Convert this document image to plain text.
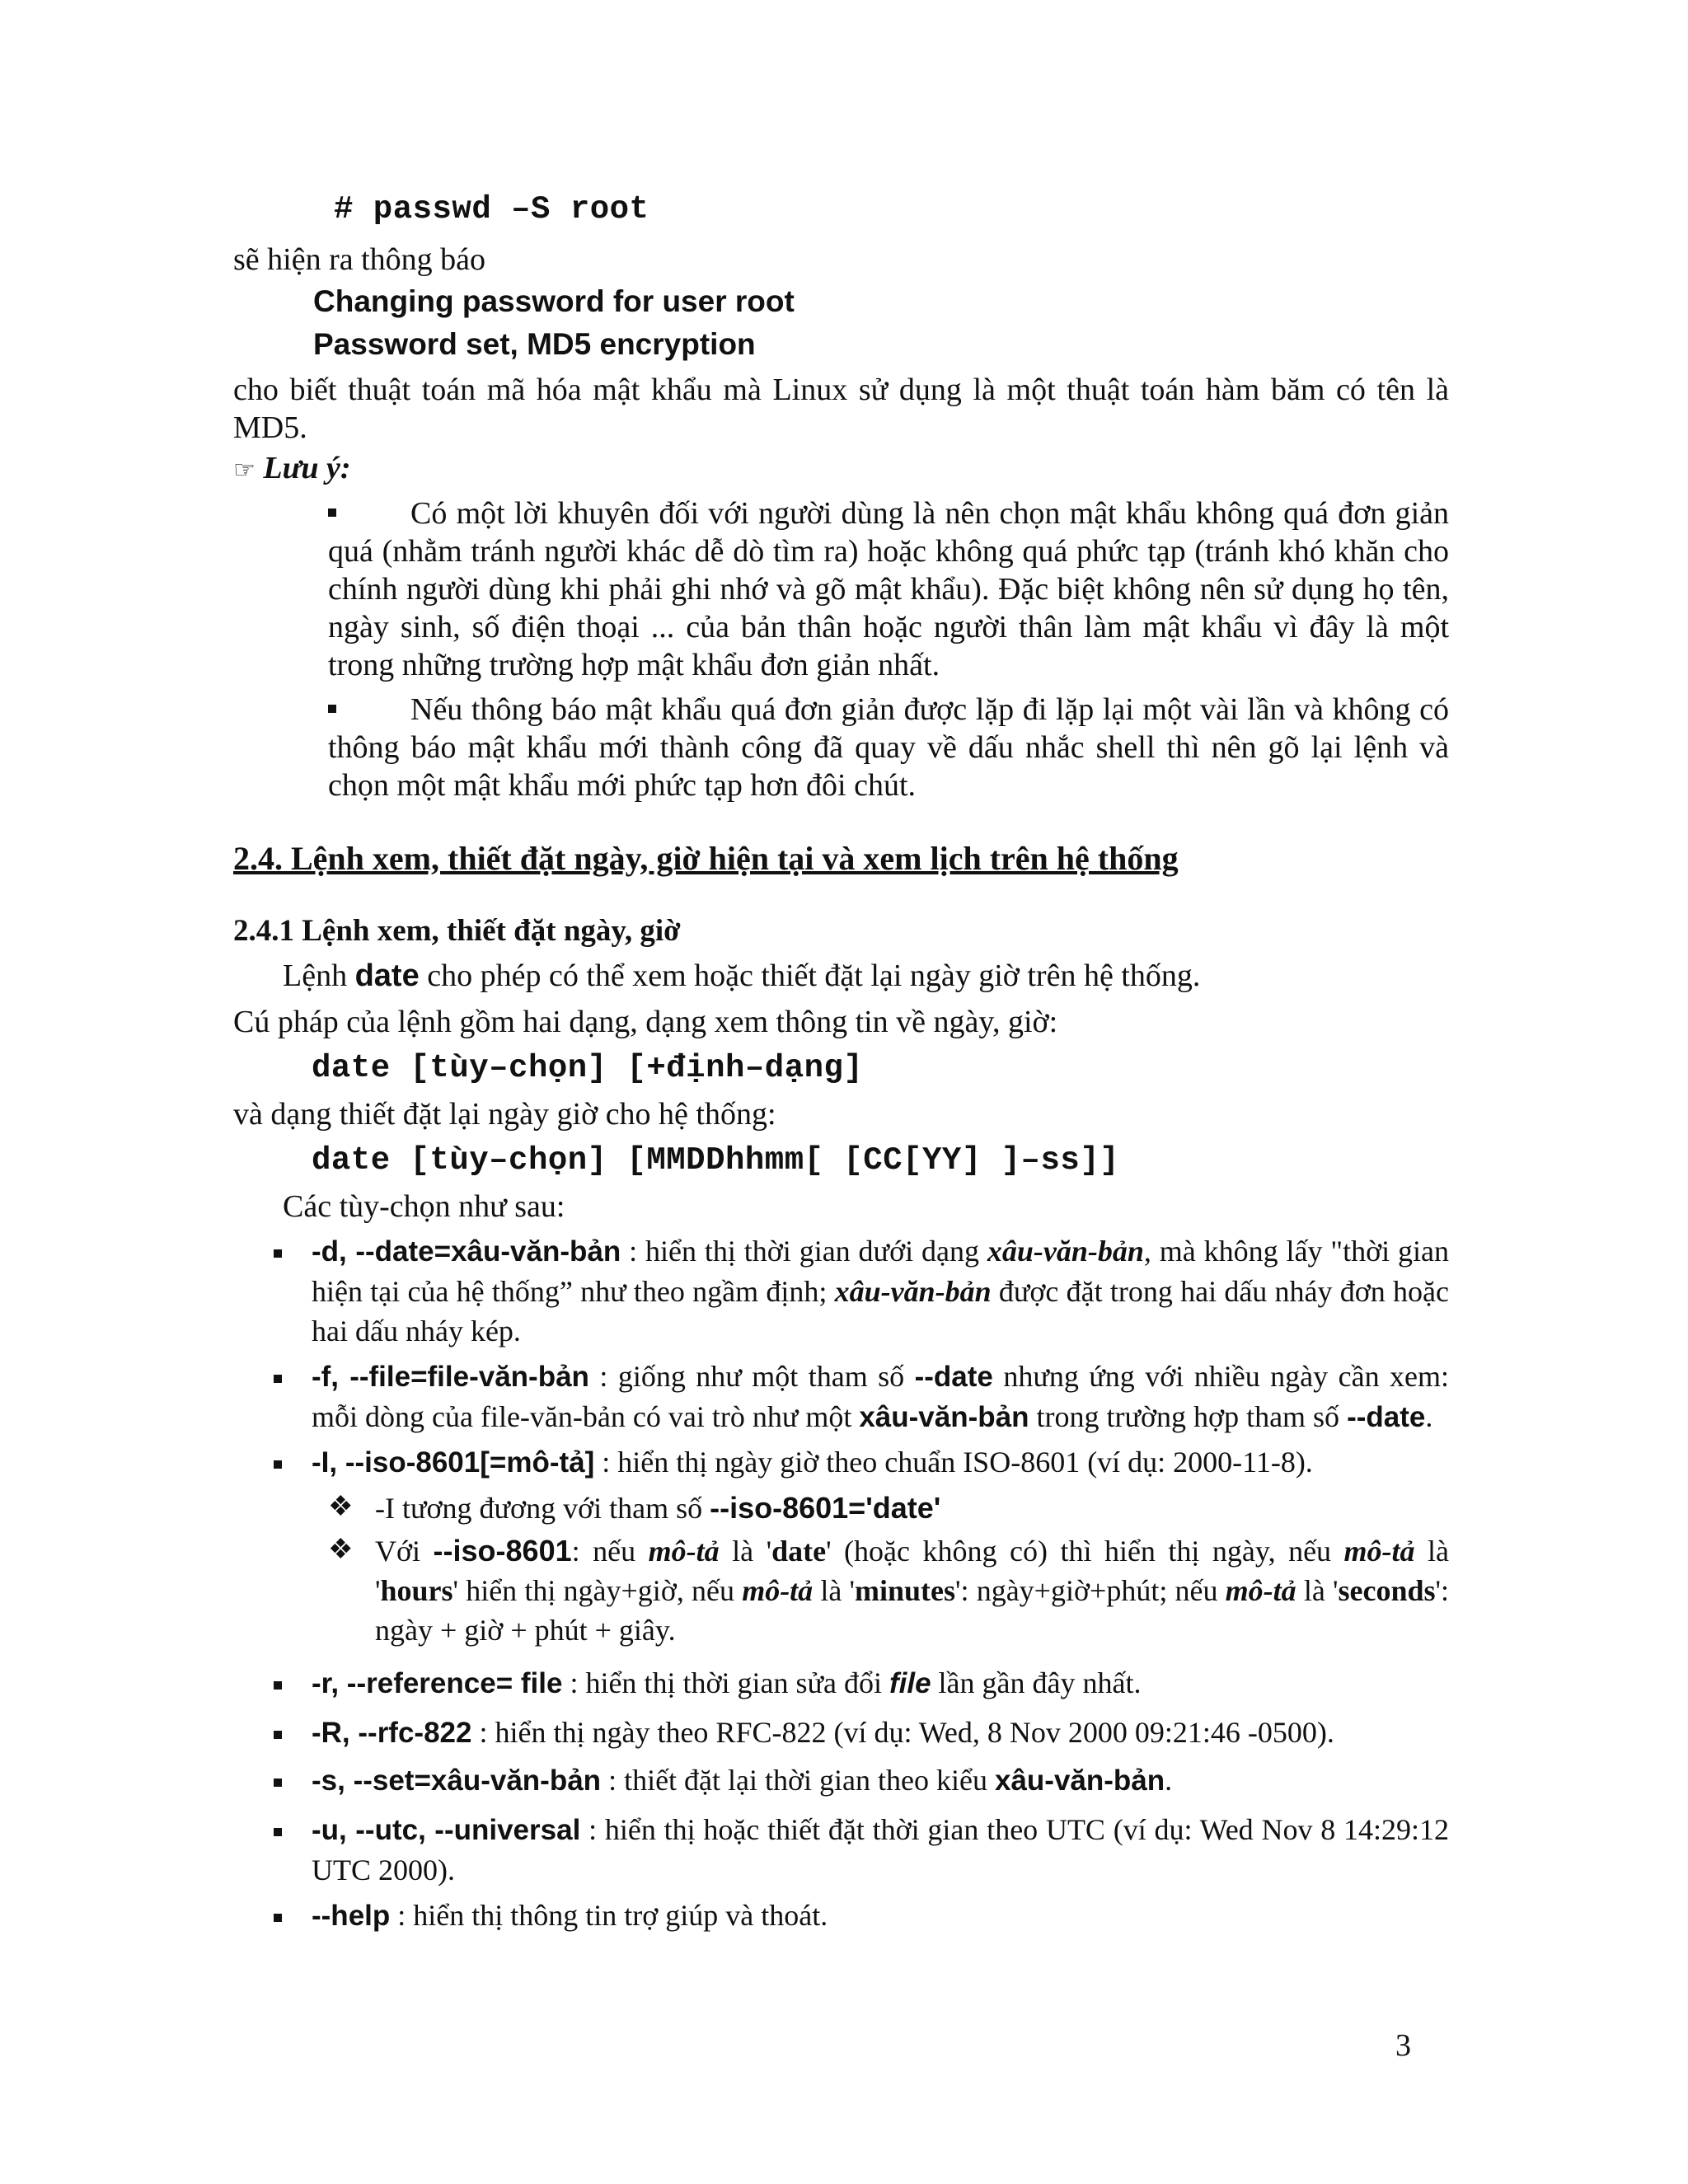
# passwd –S root
sẽ hiện ra thông báo
Changing password for user root
Password set, MD5 encryption
cho biết thuật toán mã hóa mật khẩu mà Linux sử dụng là một thuật toán hàm băm có tên là MD5.
☞ Lưu ý:
Có một lời khuyên đối với người dùng là nên chọn mật khẩu không quá đơn giản quá (nhằm tránh người khác dễ dò tìm ra) hoặc không quá phức tạp (tránh khó khăn cho chính người dùng khi phải ghi nhớ và gõ mật khẩu). Đặc biệt không nên sử dụng họ tên, ngày sinh, số điện thoại ... của bản thân hoặc người thân làm mật khẩu vì đây là một trong những trường hợp mật khẩu đơn giản nhất.
Nếu thông báo mật khẩu quá đơn giản được lặp đi lặp lại một vài lần và không có thông báo mật khẩu mới thành công đã quay về dấu nhắc shell thì nên gõ lại lệnh và chọn một mật khẩu mới phức tạp hơn đôi chút.
2.4. Lệnh xem, thiết đặt ngày, giờ hiện tại và xem lịch trên hệ thống
2.4.1 Lệnh xem, thiết đặt ngày, giờ
Lệnh date cho phép có thể xem hoặc thiết đặt lại ngày giờ trên hệ thống.
Cú pháp của lệnh gồm hai dạng, dạng xem thông tin về ngày, giờ:
date [tùy–chọn] [+định–dạng]
và dạng thiết đặt lại ngày giờ cho hệ thống:
date [tùy–chọn] [MMDDhhmm[ [CC[YY] ]–ss]]
Các tùy-chọn như sau:
-d, --date=xâu-văn-bản : hiển thị thời gian dưới dạng xâu-văn-bản, mà không lấy "thời gian hiện tại của hệ thống” như theo ngầm định; xâu-văn-bản được đặt trong hai dấu nháy đơn hoặc hai dấu nháy kép.
-f, --file=file-văn-bản : giống như một tham số --date nhưng ứng với nhiều ngày cần xem: mỗi dòng của file-văn-bản có vai trò như một xâu-văn-bản trong trường hợp tham số --date.
-I, --iso-8601[=mô-tả] : hiển thị ngày giờ theo chuẩn ISO-8601 (ví dụ: 2000-11-8).
❖ -I tương đương với tham số --iso-8601='date'
❖ Với --iso-8601: nếu mô-tả là 'date' (hoặc không có) thì hiển thị ngày, nếu mô-tả là 'hours' hiển thị ngày+giờ, nếu mô-tả là 'minutes': ngày+giờ+phút; nếu mô-tả là 'seconds': ngày + giờ + phút + giây.
-r, --reference= file : hiển thị thời gian sửa đổi file lần gần đây nhất.
-R, --rfc-822 : hiển thị ngày theo RFC-822 (ví dụ: Wed, 8 Nov 2000 09:21:46 -0500).
-s, --set=xâu-văn-bản : thiết đặt lại thời gian theo kiểu xâu-văn-bản.
-u, --utc, --universal : hiển thị hoặc thiết đặt thời gian theo UTC (ví dụ: Wed Nov 8 14:29:12 UTC 2000).
--help : hiển thị thông tin trợ giúp và thoát.
3
